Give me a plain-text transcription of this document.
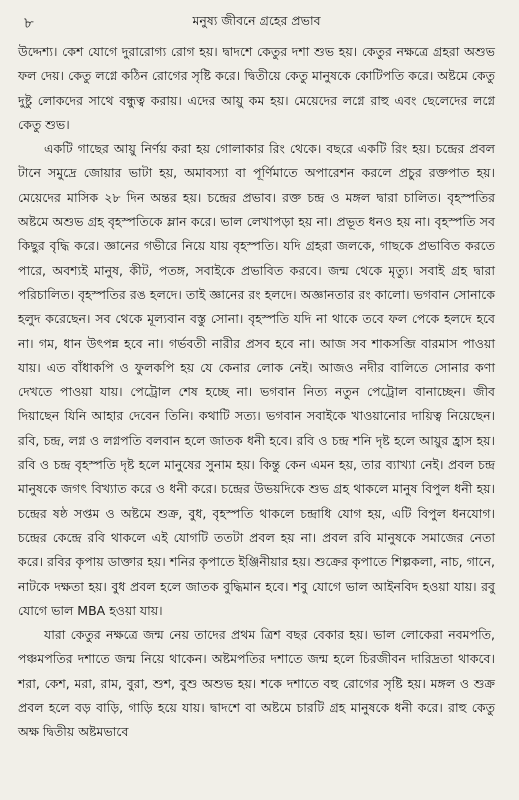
৮	মনুষ্য জীবনে গ্রহের প্রভাব

উদ্দেশ্য। কেশ যোগে দুরারোগ্য রোগ হয়। দ্বাদশে কেতুর দশা শুভ হয়। কেতুর নক্ষত্রে গ্রহরা অশুভ ফল দেয়। কেতু লগ্নে কঠিন রোগের সৃষ্টি করে। দ্বিতীয়ে কেতু মানুষকে কোটিপতি করে। অষ্টমে কেতু দুষ্টু লোকদের সাথে বন্ধুত্ব করায়। এদের আয়ু কম হয়। মেয়েদের লগ্নে রাহু এবং ছেলেদের লগ্নে কেতু শুভ।

একটি গাছের আয়ু নির্ণয় করা হয় গোলাকার রিং থেকে। বছরে একটি রিং হয়। চন্দ্রের প্রবল টানে সমুদ্রে জোয়ার ভাটা হয়, অমাবস্যা বা পূর্ণিমাতে অপারেশন করলে প্রচুর রক্তপাত হয়। মেয়েদের মাসিক ২৮ দিন অন্তর হয়। চন্দ্রের প্রভাব। রক্ত চন্দ্র ও মঙ্গল দ্বারা চালিত। বৃহস্পতির অষ্টমে অশুভ গ্রহ বৃহস্পতিকে ম্লান করে। ভাল লেখাপড়া হয় না। প্রভূত ধনও হয় না। বৃহস্পতি সব কিছুর বৃদ্ধি করে। জ্ঞানের গভীরে নিয়ে যায় বৃহস্পতি। যদি গ্রহরা জলকে, গাছকে প্রভাবিত করতে পারে, অবশ্যই মানুষ, কীট, পতঙ্গ, সবাইকে প্রভাবিত করবে। জন্ম থেকে মৃত্যু। সবাই গ্রহ দ্বারা পরিচালিত। বৃহস্পতির রঙ হলদে। তাই জ্ঞানের রং হলদে। অজ্ঞানতার রং কালো। ভগবান সোনাকে হলুদ করেছেন। সব থেকে মূল্যবান বস্তু সোনা। বৃহস্পতি যদি না থাকে তবে ফল পেকে হলদে হবে না। গম, ধান উৎপন্ন হবে না। গর্ভবতী নারীর প্রসব হবে না। আজ সব শাকসব্জি বারমাস পাওয়া যায়। এত বাঁধাকপি ও ফুলকপি হয় যে কেনার লোক নেই। আজও নদীর বালিতে সোনার কণা দেখতে পাওয়া যায়। পেট্রোল শেষ হচ্ছে না। ভগবান নিত্য নতুন পেট্রোল বানাচ্ছেন। জীব দিয়াছেন যিনি আহার দেবেন তিনি। কথাটি সত্য। ভগবান সবাইকে খাওয়ানোর দায়িত্ব নিয়েছেন। রবি, চন্দ্র, লগ্ন ও লগ্নপতি বলবান হলে জাতক ধনী হবে। রবি ও চন্দ্র শনি দৃষ্ট হলে আয়ুর হ্রাস হয়। রবি ও চন্দ্র বৃহস্পতি দৃষ্ট হলে মানুষের সুনাম হয়। কিন্তু কেন এমন হয়, তার ব্যাখ্যা নেই। প্রবল চন্দ্র মানুষকে জগৎ বিখ্যাত করে ও ধনী করে। চন্দ্রের উভয়দিকে শুভ গ্রহ থাকলে মানুষ বিপুল ধনী হয়। চন্দ্রের ষষ্ঠ সপ্তম ও অষ্টমে শুক্র, বুধ, বৃহস্পতি থাকলে চন্দ্রাধি যোগ হয়, এটি বিপুল ধনযোগ। চন্দ্রের কেন্দ্রে রবি থাকলে এই যোগটি ততটা প্রবল হয় না। প্রবল রবি মানুষকে সমাজের নেতা করে। রবির কৃপায় ডাক্তার হয়। শনির কৃপাতে ইঞ্জিনীয়ার হয়। শুক্রের কৃপাতে শিল্পকলা, নাচ, গানে, নাটকে দক্ষতা হয়। বুধ প্রবল হলে জাতক বুদ্ধিমান হবে। শবু যোগে ভাল আইনবিদ হওয়া যায়। রবু যোগে ভাল MBA হওয়া যায়।

যারা কেতুর নক্ষত্রে জন্ম নেয় তাদের প্রথম ত্রিশ বছর বেকার হয়। ভাল লোকেরা নবমপতি, পঞ্চমপতির দশাতে জন্ম নিয়ে থাকেন। অষ্টমপতির দশাতে জন্ম হলে চিরজীবন দারিদ্রতা থাকবে। শরা, কেশ, মরা, রাম, বুরা, শুশ, বুশু অশুভ হয়। শকে দশাতে বহু রোগের সৃষ্টি হয়। মঙ্গল ও শুক্র প্রবল হলে বড় বাড়ি, গাড়ি হয়ে যায়। দ্বাদশে বা অষ্টমে চারটি গ্রহ মানুষকে ধনী করে। রাহু কেতু অক্ষ দ্বিতীয় অষ্টমভাবে
